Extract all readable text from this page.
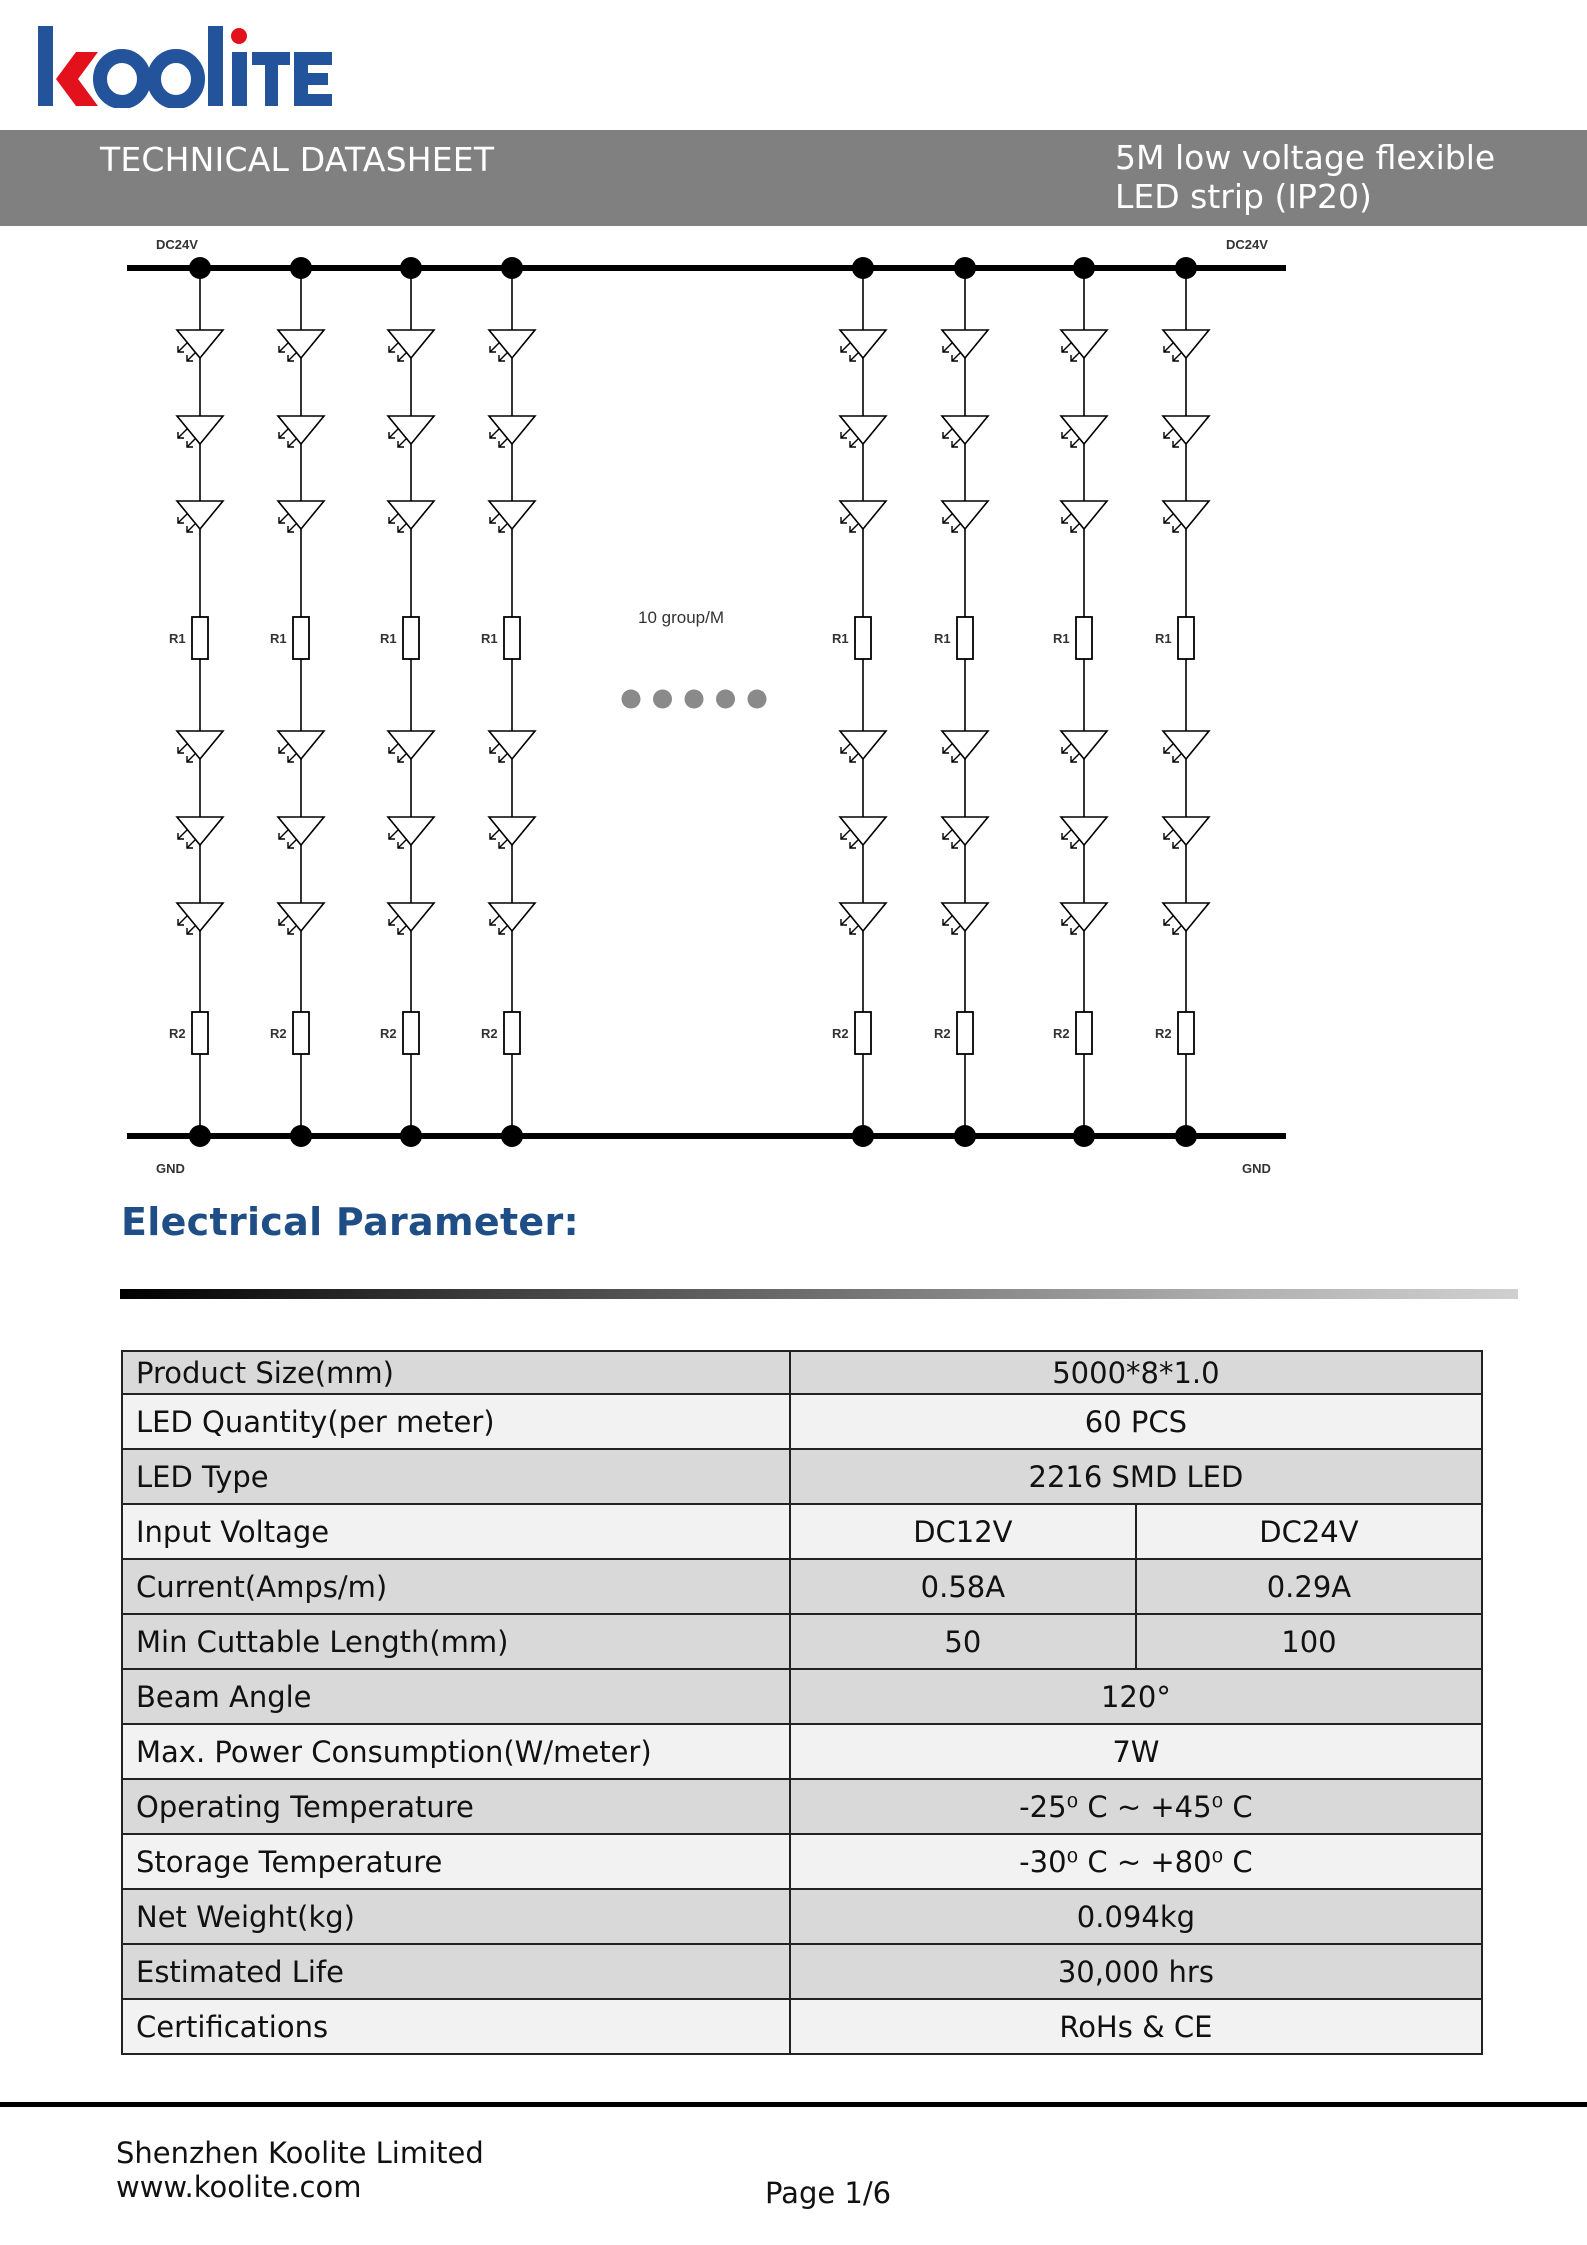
TECHNICAL DATASHEET	5M low voltage flexible
LED strip (IP20)
DC24V	DC24V
GND	GND
10 group/M
R1
R2
R1
R2
R1
R2
R1
R2
R1
R2
R1
R2
R1
R2
R1
R2
Electrical Parameter:
Product Size(mm)	5000*8*1.0	
LED Quantity(per meter)	60 PCS	
LED Type	2216 SMD LED	
Input Voltage	DC12V	DC24V
Current(Amps/m)	0.58A	0.29A
Min Cuttable Length(mm)	50	100
Beam Angle	120°	
Max. Power Consumption(W/meter)	7W	
Operating Temperature	-25⁰ C ~ +45⁰ C	
Storage Temperature	-30⁰ C ~ +80⁰ C	
Net Weight(kg)	0.094kg	
Estimated Life	30,000 hrs	
Certifications	RoHs & CE	
Shenzhen Koolite Limited
www.koolite.com	Page 1/6
